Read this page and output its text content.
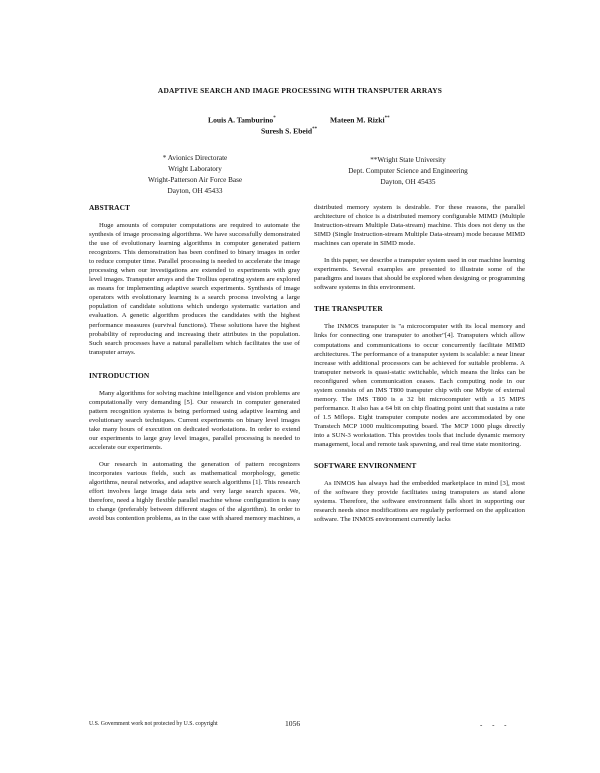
ADAPTIVE SEARCH AND IMAGE PROCESSING WITH TRANSPUTER ARRAYS
Louis A. Tamburino*	Mateen M. Rizki**
Suresh S. Ebeid**
* Avionics Directorate
Wright Laboratory
Wright-Patterson Air Force Base
Dayton, OH 45433
**Wright State University
Dept. Computer Science and Engineering
Dayton, OH 45435
ABSTRACT

Huge amounts of computer computations are required to automate the synthesis of image processing algorithms. We have successfully demonstrated the use of evolutionary learning algorithms in computer generated pattern recognizers. This demonstration has been confined to binary images in order to reduce computer time. Parallel processing is needed to accelerate the image processing when our investigations are extended to experiments with gray level images. Transputer arrays and the Trollius operating system are explored as means for implementing adaptive search experiments. Synthesis of image operators with evolutionary learning is a search process involving a large population of candidate solutions which undergo systematic variation and evaluation. A genetic algorithm produces the candidates with the highest performance measures (survival functions). These solutions have the highest probability of reproducing and increasing their attributes in the population. Such search processes have a natural parallelism which facilitates the use of transputer arrays.

INTRODUCTION

Many algorithms for solving machine intelligence and vision problems are computationally very demanding [5]. Our research in computer generated pattern recognition systems is being performed using adaptive learning and evolutionary search techniques. Current experiments on binary level images take many hours of execution on dedicated workstations. In order to extend our experiments to large gray level images, parallel processing is needed to accelerate our experiments.

Our research in automating the generation of pattern recognizers incorporates various fields, such as mathematical morphology, genetic algorithms, neural networks, and adaptive search algorithms [1]. This research effort involves large image data sets and very large search spaces. We, therefore, need a highly flexible parallel machine whose configuration is easy to change (preferably between different stages of the algorithm). In order to avoid bus contention problems, as in the case with shared memory machines, a

distributed memory system is desirable. For these reasons, the parallel architecture of choice is a distributed memory configurable MIMD (Multiple Instruction-stream Multiple Data-stream) machine. This does not deny us the SIMD (Single Instruction-stream Multiple Data-stream) mode because MIMD machines can operate in SIMD mode.

In this paper, we describe a transputer system used in our machine learning experiments. Several examples are presented to illustrate some of the paradigms and issues that should be explored when designing or programming software systems in this environment.

THE TRANSPUTER

The INMOS transputer is "a microcomputer with its local memory and links for connecting one transputer to another"[4]. Transputers which allow computations and communications to occur concurrently facilitate MIMD architectures. The performance of a transputer system is scalable: a near linear increase with additional processors can be achieved for suitable problems. A transputer network is quasi-static switchable, which means the links can be reconfigured when communication ceases. Each computing node in our system consists of an IMS T800 transputer chip with one Mbyte of external memory. The IMS T800 is a 32 bit microcomputer with a 15 MIPS performance. It also has a 64 bit on chip floating point unit that sustains a rate of 1.5 Mflops. Eight transputer compute nodes are accommodated by one Transtech MCP 1000 multicomputing board. The MCP 1000 plugs directly into a SUN-3 workstation. This provides tools that include dynamic memory management, local and remote task spawning, and real time state monitoring.

SOFTWARE ENVIRONMENT

As INMOS has always had the embedded marketplace in mind [3], most of the software they provide facilitates using transputers as stand alone systems. Therefore, the software environment falls short in supporting our research needs since modifications are regularly performed on the application software. The INMOS environment currently lacks

U.S. Government work not protected by U.S. copyright	1056	- - -
